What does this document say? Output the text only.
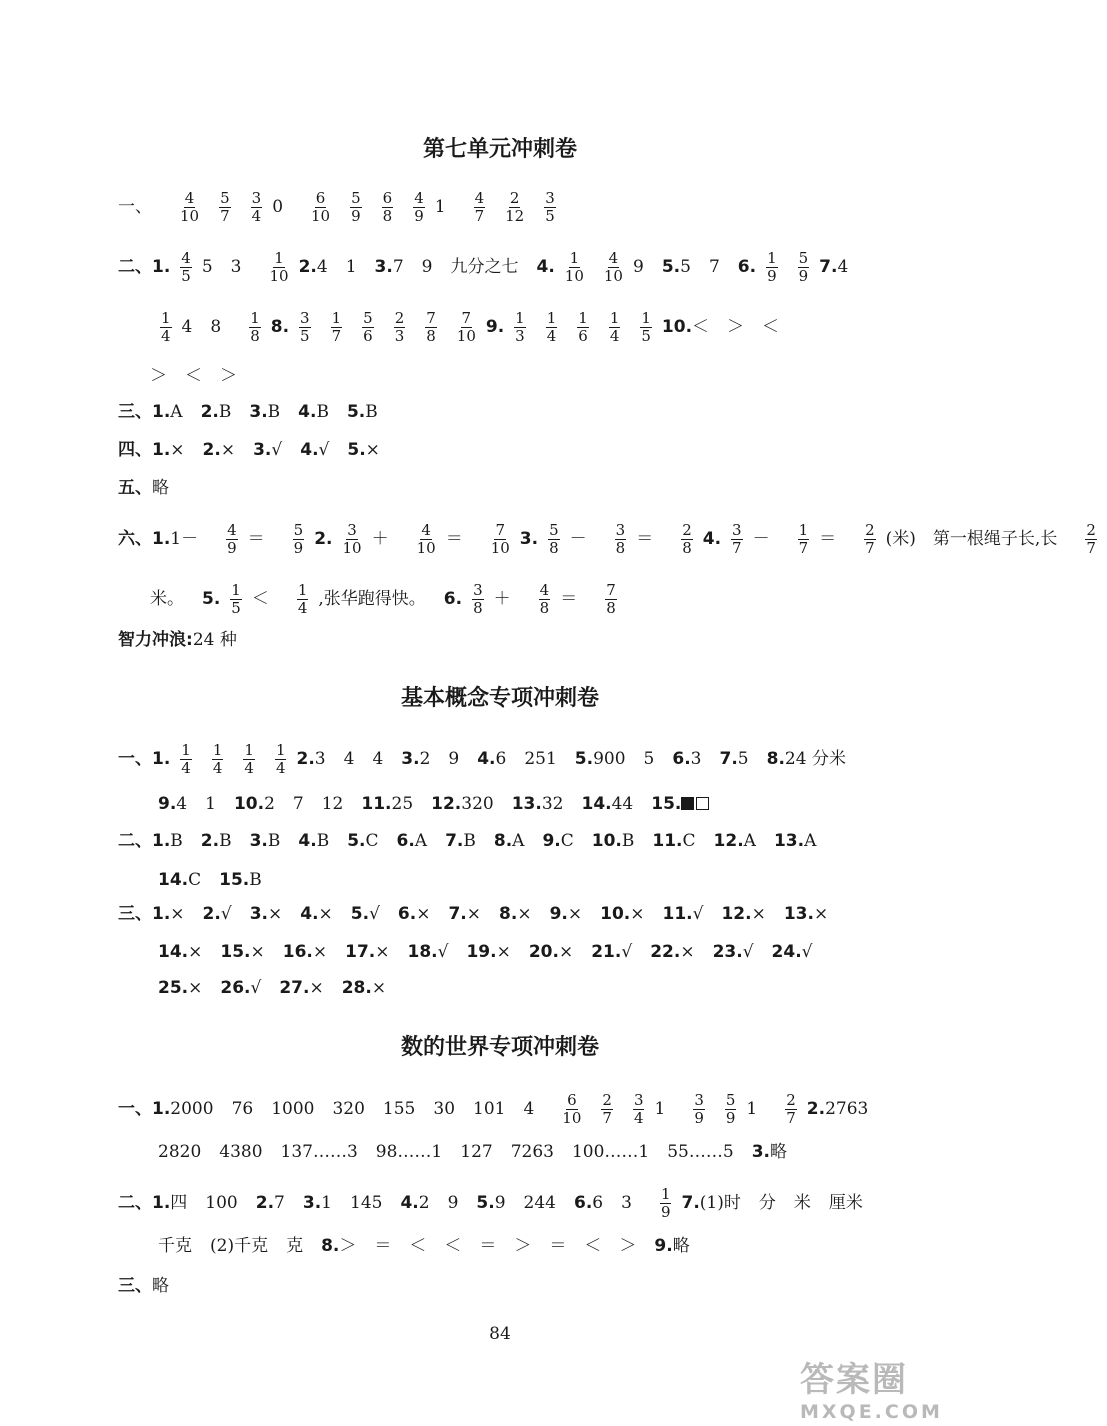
第七单元冲刺卷
基本概念专项冲刺卷
数的世界专项冲刺卷
一、 $\frac{4}{10} \frac{5}{7} \frac{3}{4} 0 \frac{6}{10} \frac{5}{9} \frac{6}{8} \frac{4}{9} 1 \frac{4}{7} \frac{2}{12} \frac{3}{5}$
二、1. $\frac{4}{5} 5$ $3 \frac{1}{10} 2.4$ 1 3.7 9 九分之七 4. $\frac{1}{10} \frac{4}{10} 9$ 5.5 7 6. $\frac{1}{9} \frac{5}{9} 7.4$
$\frac{1}{4} 4$ $8 \frac{1}{8} 8$. $\frac{3}{5} \frac{1}{7} \frac{5}{6} \frac{2}{3} \frac{7}{8} \frac{7}{10} 9$. $\frac{1}{3} \frac{1}{4} \frac{1}{6} \frac{1}{4} \frac{1}{5} 10.<$ ＞ ＜
＞ ＜ ＞
三、1.A 2.B 3.B 4.B 5.B
四、1.× 2.× 3.√ 4.√ 5.×
五、略
六、$1.1- \frac{4}{9} = \frac{5}{9} 2$. $\frac{3}{10} + \frac{4}{10} = \frac{7}{10} 3$. $\frac{5}{8} - \frac{3}{8} = \frac{2}{8} 4$. $\frac{3}{7} - \frac{1}{7} = \frac{2}{7}$ (米)　第一根绳子长,长 $\frac{2}{7}$
米。 5. $\frac{1}{5} < \frac{1}{4}$ ,张华跑得快。 6. $\frac{3}{8} + \frac{4}{8} = \frac{7}{8}$
智力冲浪:24 种
一、1. $\frac{1}{4} \frac{1}{4} \frac{1}{4} \frac{1}{4} 2.3$ 4 4 3.2 9 4.6 251 5.900 5 6.3 7.5 8.24 分米
9.4 1 10.2 7 12 11.25 12.320 13.32 14.44 15.
二、1.B 2.B 3.B 4.B 5.C 6.A 7.B 8.A 9.C 10.B 11.C 12.A 13.A
14.C 15.B
三、1.× 2.√ 3.× 4.× 5.√ 6.× 7.× 8.× 9.× 10.× 11.√ 12.× 13.×
14.× 15.× 16.× 17.× 18.√ 19.× 20.× 21.√ 22.× 23.√ 24.√
25.× 26.√ 27.× 28.×
一、1.2000 76 1000 320 155 30 101 $4 \frac{6}{10} \frac{2}{7} \frac{3}{4} 1 \frac{3}{9} \frac{5}{9} 1 \frac{2}{7} 2.2763$
2820 4380 137……3 98……1 127 7263 100……1 55……5 3.略
二、1.四 100 2.7 3.1 145 4.2 9 5.9 244 6.6 $3 \frac{1}{9} 7.(1)$时 分 米 厘米
千克 (2)千克 克 8.＞ ＝ ＜ ＜ ＝ ＞ ＝ ＜ ＞ 9.略
三、略
84
答案圈
MXQE.COM
